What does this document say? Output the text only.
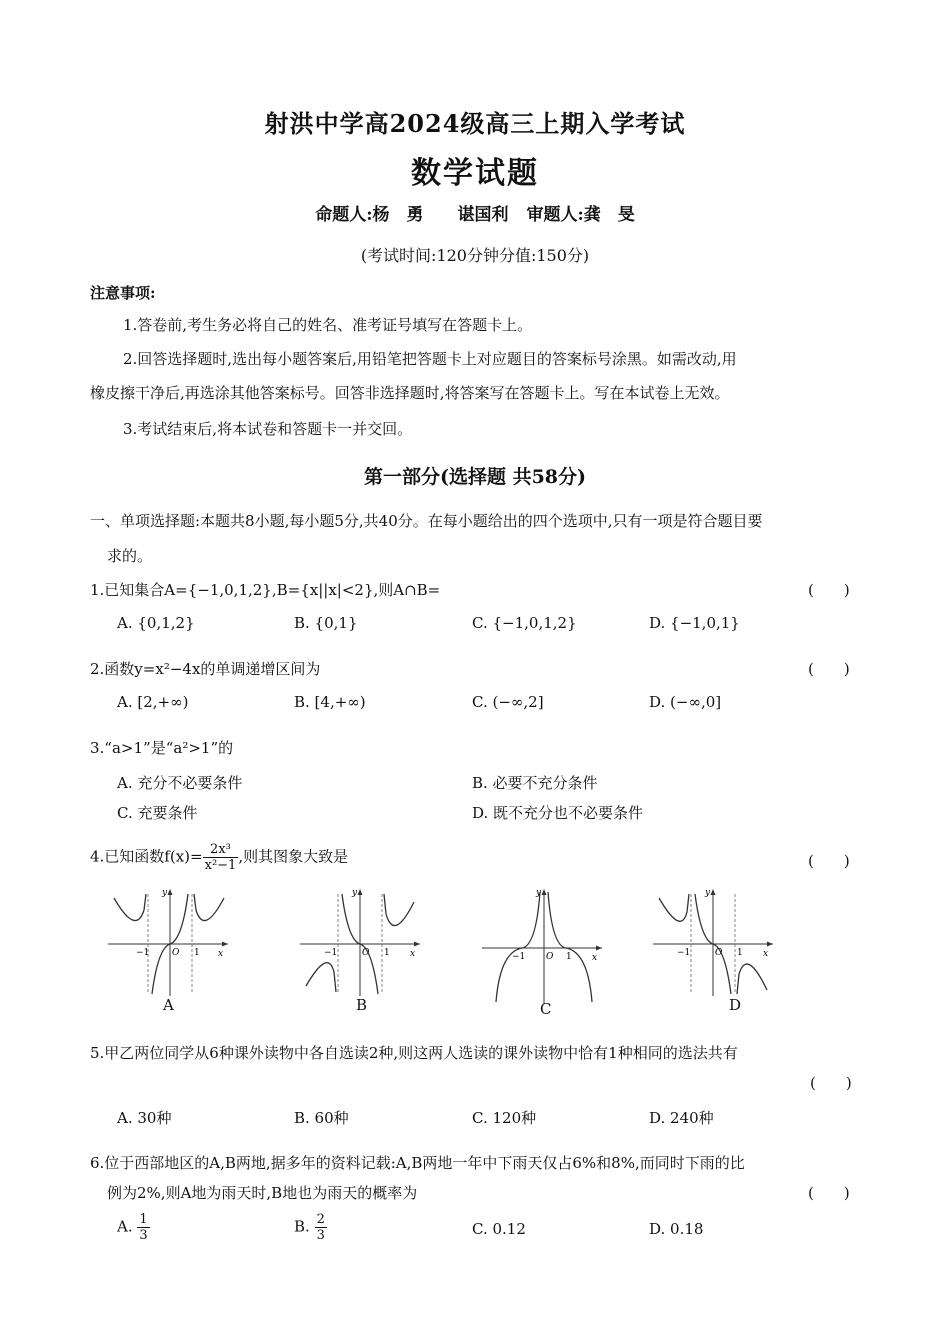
射洪中学高2024级高三上期入学考试
数学试题
命题人:杨　勇　　谌国利 审题人:龚　旻
(考试时间:120分钟分值:150分)
注意事项:
1.答卷前,考生务必将自己的姓名、准考证号填写在答题卡上。
2.回答选择题时,选出每小题答案后,用铅笔把答题卡上对应题目的答案标号涂黑。如需改动,用
橡皮擦干净后,再选涂其他答案标号。回答非选择题时,将答案写在答题卡上。写在本试卷上无效。
3.考试结束后,将本试卷和答题卡一并交回。
第一部分(选择题 共58分)
一、单项选择题:本题共8小题,每小题5分,共40分。在每小题给出的四个选项中,只有一项是符合题目要
求的。
1.已知集合A={−1,0,1,2},B={x||x|<2},则A∩B=	(　　)
A. {0,1,2}	B. {0,1}	C. {−1,0,1,2}	D. {−1,0,1}
2.函数y=x²−4x的单调递增区间为	(　　)
A. [2,+∞)	B. [4,+∞)	C. (−∞,2]	D. (−∞,0]
3.“a>1”是“a²>1”的
A. 充分不必要条件	B. 必要不充分条件
C. 充要条件	D. 既不充分也不必要条件
4.已知函数$f(x)= \frac{\text{2x³}}{\text{x²−1}}$ ,则其图象大致是	(　　)
y
x
−1	1
O
A
y
x
−1	1
O
B
y
x
−1	1
O
C
y
x
−1	1
O
D
5.甲乙两位同学从6种课外读物中各自选读2种,则这两人选读的课外读物中恰有1种相同的选法共有
(　　)
A. 30种	B. 60种	C. 120种	D. 240种
6.位于西部地区的A,B两地,据多年的资料记载:A,B两地一年中下雨天仅占6%和8%,而同时下雨的比
例为2%,则A地为雨天时,B地也为雨天的概率为	(　　)
A. $\frac{1}{3}$	B. $\frac{2}{3}$	C. 0.12	D. 0.18
